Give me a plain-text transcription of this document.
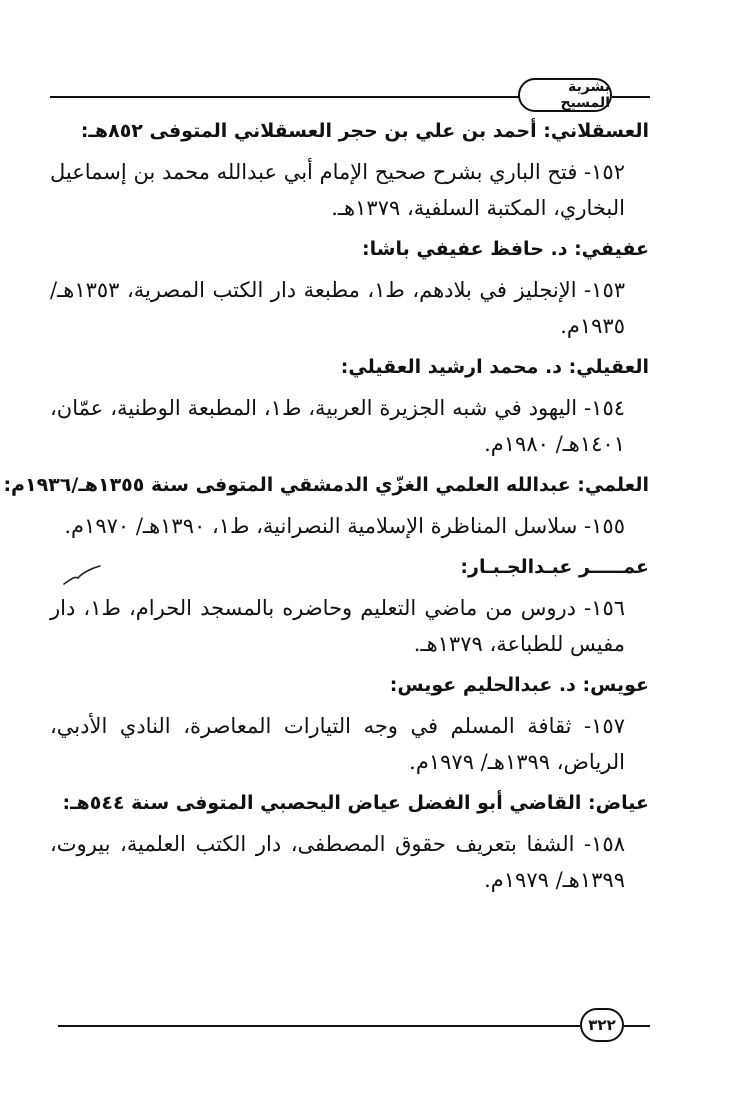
بشرية المسيح
العسقلاني: أحمد بن علي بن حجر العسقلاني المتوفى ٨٥٢هـ:
١٥٢- فتح الباري بشرح صحيح الإمام أبي عبدالله محمد بن إسماعيل البخاري، المكتبة السلفية، ١٣٧٩هـ.
عفيفي: د. حافظ عفيفي باشا:
١٥٣- الإنجليز في بلادهم، ط١، مطبعة دار الكتب المصرية، ١٣٥٣هـ/ ١٩٣٥م.
العقيلي: د. محمد ارشيد العقيلي:
١٥٤- اليهود في شبه الجزيرة العربية، ط١، المطبعة الوطنية، عمّان، ١٤٠١هـ/ ١٩٨٠م.
العلمي: عبدالله العلمي الغزّي الدمشقي المتوفى سنة ١٣٥٥هـ/١٩٣٦م:
١٥٥- سلاسل المناظرة الإسلامية النصرانية، ط١، ١٣٩٠هـ/ ١٩٧٠م.
عمـــــر عبـدالجـبـار:
١٥٦- دروس من ماضي التعليم وحاضره بالمسجد الحرام، ط١، دار مفيس للطباعة، ١٣٧٩هـ.
عويس: د. عبدالحليم عويس:
١٥٧- ثقافة المسلم في وجه التيارات المعاصرة، النادي الأدبي، الرياض، ١٣٩٩هـ/ ١٩٧٩م.
عياض: القاضي أبو الفضل عياض اليحصبي المتوفى سنة ٥٤٤هـ:
١٥٨- الشفا بتعريف حقوق المصطفى، دار الكتب العلمية، بيروت، ١٣٩٩هـ/ ١٩٧٩م.
٣٢٢
